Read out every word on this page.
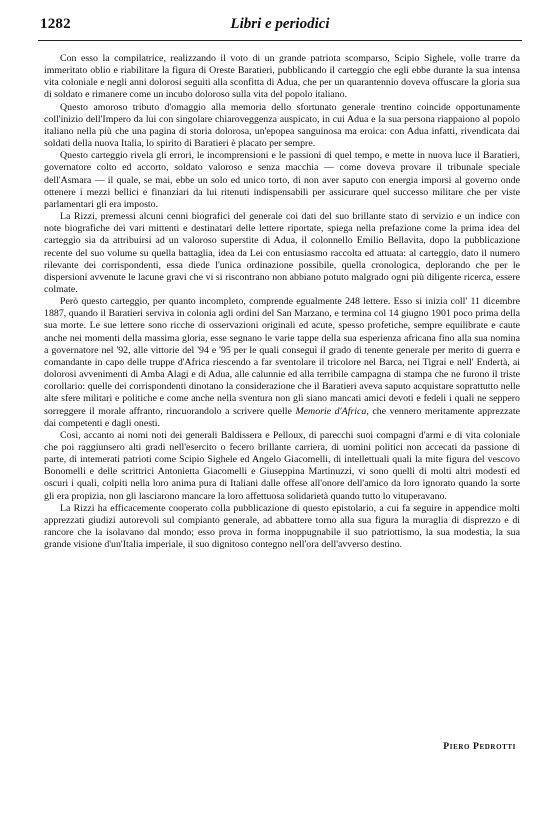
1282	Libri e periodici

Con esso la compilatrice, realizzando il voto di un grande patriota scomparso, Scipio Sighele, volle trarre da immeritato oblio e riabilitare la figura di Oreste Baratieri, pubblicando il carteggio che egli ebbe durante la sua intensa vita coloniale e negli anni dolorosi seguiti alla sconfitta di Adua, che per un quarantennio doveva offuscare la gloria sua di soldato e rimanere come un incubo doloroso sulla vita del popolo italiano.

Questo amoroso tributo d'omaggio alla memoria dello sfortunato generale trentino coincide opportunamente coll'inizio dell'Impero da lui con singolare chiaroveggenza auspicato, in cui Adua e la sua persona riappaiono al popolo italiano nella più che una pagina di storia dolorosa, un'epopea sanguinosa ma eroica: con Adua infatti, rivendicata dai soldati della nuova Italia, lo spirito di Baratieri è placato per sempre.

Questo carteggio rivela gli errori, le incomprensioni e le passioni di quel tempo, e mette in nuova luce il Baratieri, governatore colto ed accorto, soldato valoroso e senza macchia — come doveva provare il tribunale speciale dell'Asmara — il quale, se mai, ebbe un solo ed unico torto, di non aver saputo con energia imporsi al governo onde ottenere i mezzi bellici e finanziari da lui ritenuti indispensabili per assicurare quel successo militare che per viste parlamentari gli era imposto.

La Rizzi, premessi alcuni cenni biografici del generale coi dati del suo brillante stato di servizio e un indice con note biografiche dei vari mittenti e destinatari delle lettere riportate, spiega nella prefazione come la prima idea del carteggio sia da attribuirsi ad un valoroso superstite di Adua, il colonnello Emilio Bellavita, dopo la pubblicazione recente del suo volume su quella battaglia, idea da Lei con entusiasmo raccolta ed attuata: al carteggio, dato il numero rilevante dei corrispondenti, essa diede l'unica ordinazione possibile, quella cronologica, deplorando che per le dispersioni avvenute le lacune gravi che vi si riscontrano non abbiano potuto malgrado ogni più diligente ricerca, essere colmate.

Però questo carteggio, per quanto incompleto, comprende egualmente 248 lettere. Esso si inizia coll' 11 dicembre 1887, quando il Baratieri serviva in colonia agli ordini del San Marzano, e termina col 14 giugno 1901 poco prima della sua morte. Le sue lettere sono ricche di osservazioni originali ed acute, spesso profetiche, sempre equilibrate e caute anche nei momenti della massima gloria, esse segnano le varie tappe della sua esperienza africana fino alla sua nomina a governatore nel '92, alle vittorie del '94 e '95 per le quali conseguì il grado di tenente generale per merito di guerra e comandante in capo delle truppe d'Africa riescendo a far sventolare il tricolore nel Barca, nei Tigrai e nell' Endertà, ai dolorosi avvenimenti di Amba Alagi e di Adua, alle calunnie ed alla terribile campagna di stampa che ne furono il triste corollario: quelle dei corrispondenti dinotano la considerazione che il Baratieri aveva saputo acquistare soprattutto nelle alte sfere militari e politiche e come anche nella sventura non gli siano mancati amici devoti e fedeli i quali ne seppero sorreggere il morale affranto, rincuorandolo a scrivere quelle Memorie d'Africa, che vennero meritamente apprezzate dai competenti e dagli onesti.

Così, accanto ai nomi noti dei generali Baldissera e Pelloux, di parecchi suoi compagni d'armi e di vita coloniale che poi raggiunsero alti gradi nell'esercito o fecero brillante carriera, di uomini politici non accecati da passione di parte, di intemerati patrioti come Scipio Sighele ed Angelo Giacomelli, di intellettuali quali la mite figura del vescovo Bonomelli e delle scrittrici Antonietta Giacomelli e Giuseppina Martinuzzi, vi sono quelli di molti altri modesti ed oscuri i quali, colpiti nella loro anima pura di Italiani dalle offese all'onore dell'amico da loro ignorato quando la sorte gli era propizia, non gli lasciarono mancare la loro affettuosa solidarietà quando tutto lo vituperavano.

La Rizzi ha efficacemente cooperato colla pubblicazione di questo epistolario, a cui fa seguire in appendice molti apprezzati giudizi autorevoli sul compianto generale, ad abbattere torno alla sua figura la muraglia di disprezzo e di rancore che la isolavano dal mondo; esso prova in forma inoppugnabile il suo patriottismo, la sua modestia, la sua grande visione d'un'Italia imperiale, il suo dignitoso contegno nell'ora dell'avverso destino.

Piero Pedrotti
